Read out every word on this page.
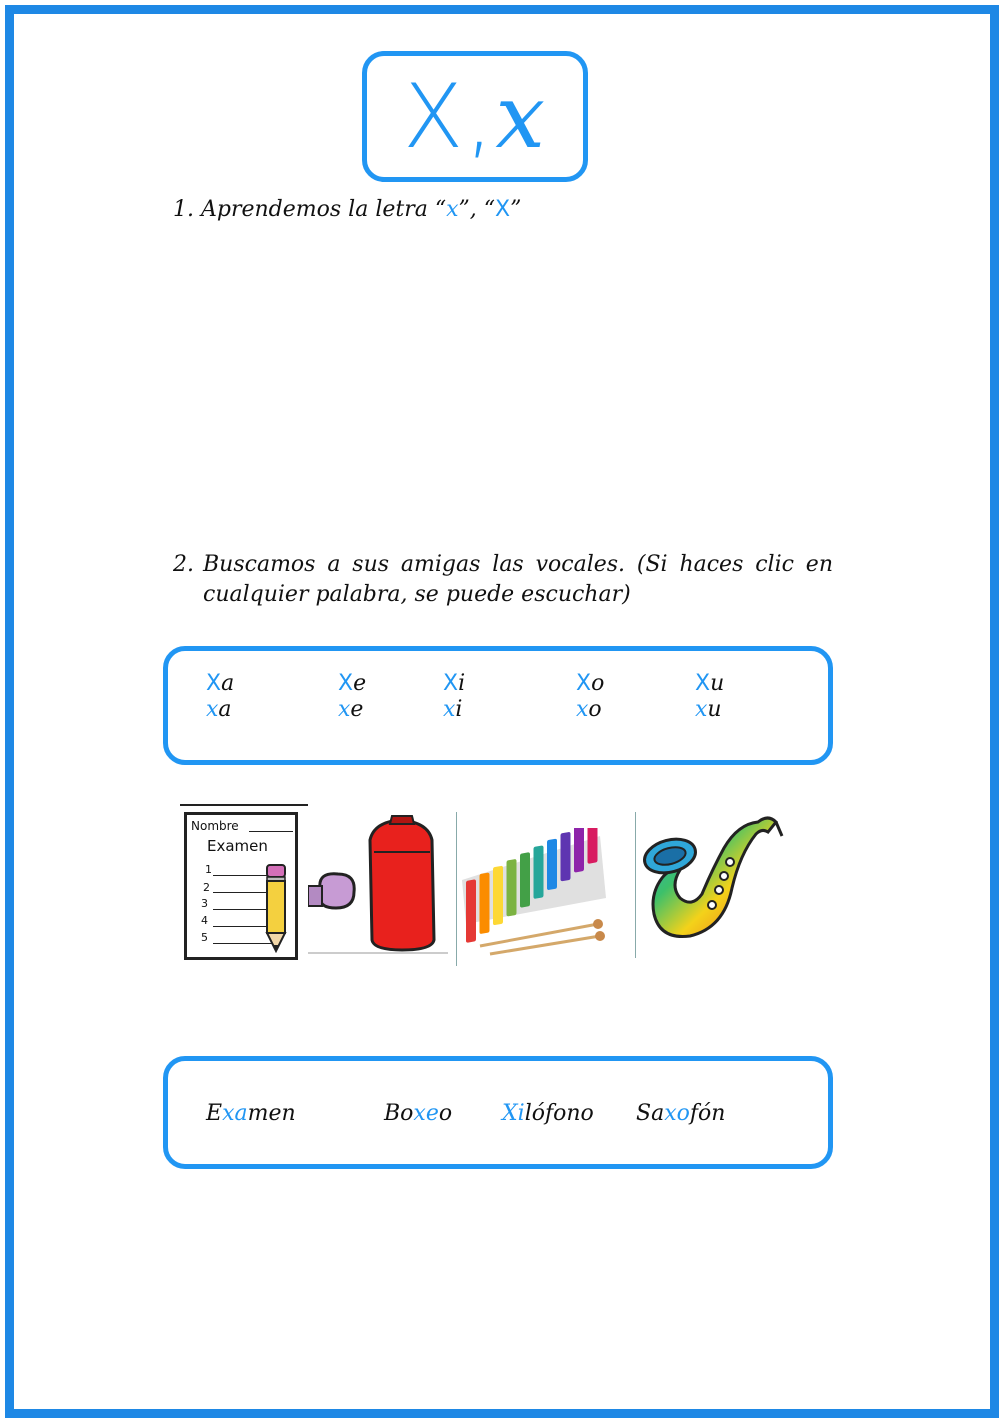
X,x
1. Aprendemos la letra “x”, “X”
2. Buscamos a sus amigas las vocales. (Si haces clic en cualquier palabra, se puede escuchar)
Xa
xa
Xe
xe
Xi
xi
Xo
xo
Xu
xu
Nombre
Examen
1
2
3
4
5
Examen	Boxeo Xilófono Saxofón
